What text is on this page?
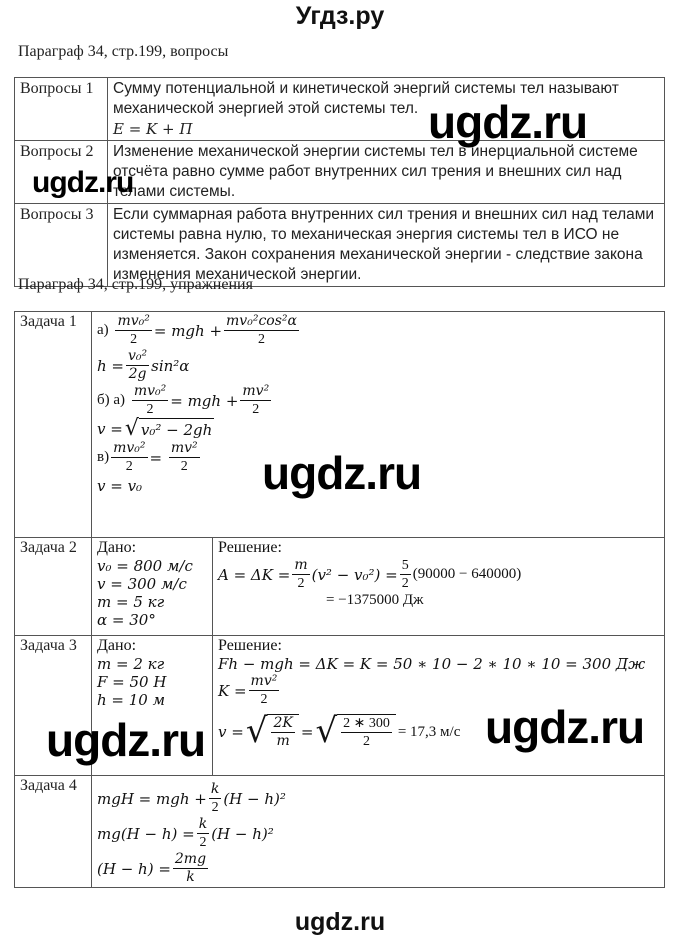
Угдз.ру
Параграф 34, стр.199, вопросы
Вопросы 1	Сумму потенциальной и кинетической энергий системы тел называют механической энергией этой системы тел.
E = K + П

Вопросы 2	Изменение механической энергии системы тел в инерциальной системе отсчёта равно сумме работ внутренних сил трения и внешних сил над телами системы.
Вопросы 3	Если суммарная работа внутренних сил трения и внешних сил над телами системы равна нулю, то механическая энергия системы тел в ИСО не изменяется. Закон сохранения механической энергии - следствие закона изменения механической энергии.
Параграф 34, стр.199, упражнения
Задача 1	а)
$\frac{\text{mv₀²}}{2}$ = mgh + $\frac{\text{mv₀²cos²α}}{2}$
$h = \frac{\text{v₀²}}{2g} \sin^2\alpha$
б) а)
$\frac{\text{mv₀²}}{2}$ = mgh + $\frac{\text{mv²}}{2}$
v = √ v₀² − 2gh
$в) \frac{\text{mv₀²}}{2}$ =
$\frac{\text{mv²}}{2}$
v = v₀

Задача 2	Дано:
v₀ = 800 м/с
v = 300 м/с
m = 5 кг
α = 30°

Решение:
$A = \Delta K = \frac{m}{2} (v^2 - v_0^2) = \frac{5}{2} (90000 - 640000)$
= −1375000 Дж

Задача 3	Дано:
m = 2 кг
F = 50 Н
h = 10 м

Решение:
Fh − mgh = ΔK = K = 50 ∗ 10 − 2 ∗ 10 ∗ 10 = 300 Дж
$K = \frac{\text{mv²}}{2}$
v = √ $\frac{2K}{m}$ = √ $\frac{2 ∗ 300}{2} = 17,3$ м/с

Задача 4	
mgH = mgh + $\frac{k}{2} (H - h)^2$
$mg(H - h) = \frac{k}{2} (H - h)^2$
$(H - h) = \frac{2mg}{k}$
ugdz.ru
ugdz.ru
ugdz.ru
ugdz.ru	ugdz.ru
ugdz.ru
